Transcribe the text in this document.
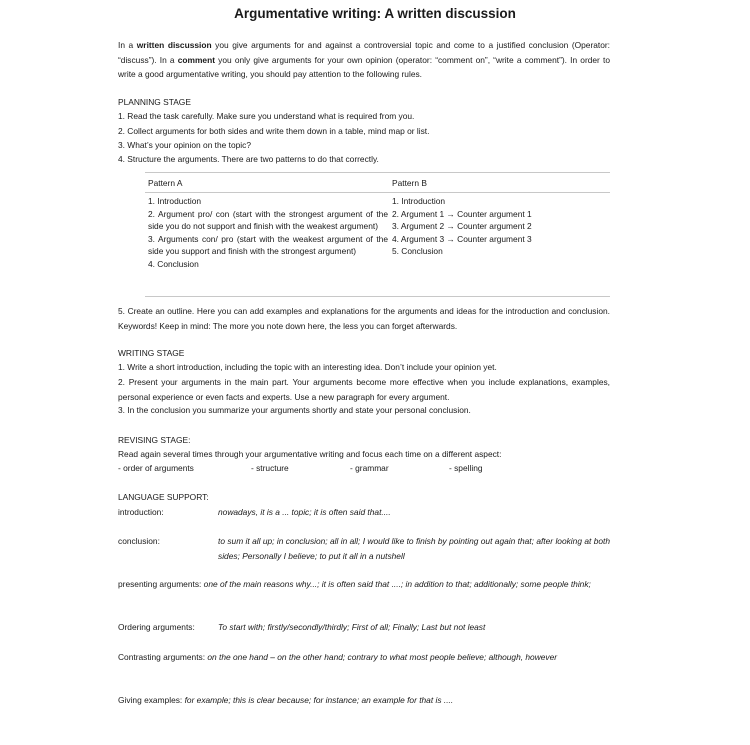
Argumentative writing: A written discussion
In a written discussion you give arguments for and against a controversial topic and come to a justified conclusion (Operator: “discuss”). In a comment you only give arguments for your own opinion (operator: “comment on”, “write a comment”). In order to write a good argumentative writing, you should pay attention to the following rules.
PLANNING STAGE
1. Read the task carefully. Make sure you understand what is required from you.
2. Collect arguments for both sides and write them down in a table, mind map or list.
3. What’s your opinion on the topic?
4. Structure the arguments. There are two patterns to do that correctly.
Pattern A	Pattern B
1. Introduction
2. Argument pro/ con (start with the strongest argument of the side you do not support and finish with the weakest argument)
3. Arguments con/ pro (start with the weakest argument of the side you support and finish with the strongest argument)
4. Conclusion
1. Introduction
2. Argument 1 → Counter argument 1
3. Argument 2 → Counter argument 2
4. Argument 3 → Counter argument 3
5. Conclusion
5. Create an outline. Here you can add examples and explanations for the arguments and ideas for the introduction and conclusion. Keywords! Keep in mind: The more you note down here, the less you can forget afterwards.
WRITING STAGE
1. Write a short introduction, including the topic with an interesting idea. Don’t include your opinion yet.
2. Present your arguments in the main part. Your arguments become more effective when you include explanations, examples, personal experience or even facts and experts. Use a new paragraph for every argument.
3. In the conclusion you summarize your arguments shortly and state your personal conclusion.
REVISING STAGE:
Read again several times through your argumentative writing and focus each time on a different aspect:
- order of arguments	- structure	- grammar	- spelling
LANGUAGE SUPPORT:
introduction:	nowadays, it is a ... topic; it is often said that....
conclusion:	to sum it all up; in conclusion; all in all; I would like to finish by pointing out again that; after looking at both sides; Personally I believe; to put it all in a nutshell
presenting arguments: one of the main reasons why...; it is often said that ....; in addition to that; additionally; some people think;
Ordering arguments:	To start with; firstly/secondly/thirdly; First of all; Finally; Last but not least
Contrasting arguments: on the one hand – on the other hand; contrary to what most people believe; although, however
Giving examples: for example; this is clear because; for instance; an example for that is ....
